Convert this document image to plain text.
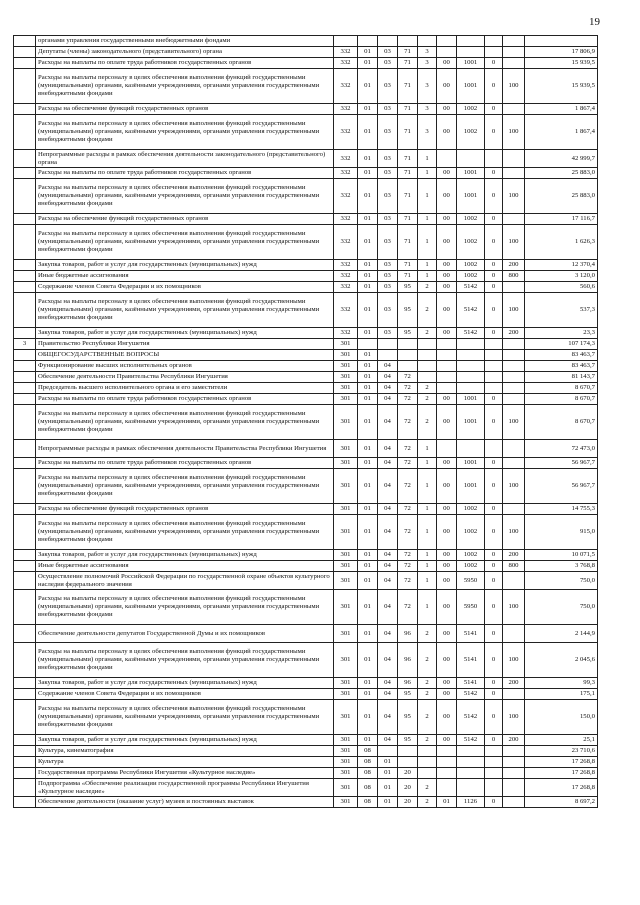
19
	органами управления государственными внебюджетными фондами										
	Депутаты (члены) законодательного (представительного) органа	332	01	03	71	3					17 806,9
	Расходы на выплаты по оплате труда работников государственных органов	332	01	03	71	3	00	1001	0		15 939,5
	Расходы на выплаты персоналу в целях обеспечения выполнения функций государственными (муниципальными) органами, казёнными учреждениями, органами управления государственными внебюджетными фондами	332	01	03	71	3	00	1001	0	100	15 939,5
	Расходы на обеспечение функций государственных органов	332	01	03	71	3	00	1002	0		1 867,4
	Расходы на выплаты персоналу в целях обеспечения выполнения функций государственными (муниципальными) органами, казёнными учреждениями, органами управления государственными внебюджетными фондами	332	01	03	71	3	00	1002	0	100	1 867,4
	Непрограммные расходы в рамках обеспечения деятельности законодательного (представительного) органа	332	01	03	71	1					42 999,7
	Расходы на выплаты по оплате труда работников государственных органов	332	01	03	71	1	00	1001	0		25 883,0
	Расходы на выплаты персоналу в целях обеспечения выполнения функций государственными (муниципальными) органами, казёнными учреждениями, органами управления государственными внебюджетными фондами	332	01	03	71	1	00	1001	0	100	25 883,0
	Расходы на обеспечение функций государственных органов	332	01	03	71	1	00	1002	0		17 116,7
	Расходы на выплаты персоналу в целях обеспечения выполнения функций государственными (муниципальными) органами, казёнными учреждениями, органами управления государственными внебюджетными фондами	332	01	03	71	1	00	1002	0	100	1 626,3
	Закупка товаров, работ и услуг для государственных (муниципальных) нужд	332	01	03	71	1	00	1002	0	200	12 370,4
	Иные бюджетные ассигнования	332	01	03	71	1	00	1002	0	800	3 120,0
	Содержание членов Совета Федерации и их помощников	332	01	03	95	2	00	5142	0		560,6
	Расходы на выплаты персоналу в целях обеспечения выполнения функций государственными (муниципальными) органами, казёнными учреждениями, органами управления государственными внебюджетными фондами	332	01	03	95	2	00	5142	0	100	537,3
	Закупка товаров, работ и услуг для государственных (муниципальных) нужд	332	01	03	95	2	00	5142	0	200	23,3
3	Правительство Республики Ингушетия	301									107 174,3
	ОБЩЕГОСУДАРСТВЕННЫЕ ВОПРОСЫ	301	01								83 463,7
	Функционирование высших исполнительных органов	301	01	04							83 463,7
	Обеспечение деятельности Правительства Республики Ингушетия	301	01	04	72						81 143,7
	Председатель высшего исполнительного органа и его заместители	301	01	04	72	2					8 670,7
	Расходы на выплаты по оплате труда работников государственных органов	301	01	04	72	2	00	1001	0		8 670,7
	Расходы на выплаты персоналу в целях обеспечения выполнения функций государственными (муниципальными) органами, казёнными учреждениями, органами управления государственными внебюджетными фондами	301	01	04	72	2	00	1001	0	100	8 670,7
	Непрограммные расходы в рамках обеспечения деятельности Правительства Республики Ингушетия	301	01	04	72	1					72 473,0
	Расходы на выплаты по оплате труда работников государственных органов	301	01	04	72	1	00	1001	0		56 967,7
	Расходы на выплаты персоналу в целях обеспечения выполнения функций государственными (муниципальными) органами, казёнными учреждениями, органами управления государственными внебюджетными фондами	301	01	04	72	1	00	1001	0	100	56 967,7
	Расходы на обеспечение функций государственных органов	301	01	04	72	1	00	1002	0		14 755,3
	Расходы на выплаты персоналу в целях обеспечения выполнения функций государственными (муниципальными) органами, казёнными учреждениями, органами управления государственными внебюджетными фондами	301	01	04	72	1	00	1002	0	100	915,0
	Закупка товаров, работ и услуг для государственных (муниципальных) нужд	301	01	04	72	1	00	1002	0	200	10 071,5
	Иные бюджетные ассигнования	301	01	04	72	1	00	1002	0	800	3 768,8
	Осуществление полномочий Российской Федерации по государственной охране объектов культурного наследия федерального значения	301	01	04	72	1	00	5950	0		750,0
	Расходы на выплаты персоналу в целях обеспечения выполнения функций государственными (муниципальными) органами, казёнными учреждениями, органами управления государственными внебюджетными фондами	301	01	04	72	1	00	5950	0	100	750,0
	Обеспечение деятельности депутатов Государственной Думы и их помощников	301	01	04	96	2	00	5141	0		2 144,9
	Расходы на выплаты персоналу в целях обеспечения выполнения функций государственными (муниципальными) органами, казёнными учреждениями, органами управления государственными внебюджетными фондами	301	01	04	96	2	00	5141	0	100	2 045,6
	Закупка товаров, работ и услуг для государственных (муниципальных) нужд	301	01	04	96	2	00	5141	0	200	99,3
	Содержание членов Совета Федерации и их помощников	301	01	04	95	2	00	5142	0		175,1
	Расходы на выплаты персоналу в целях обеспечения выполнения функций государственными (муниципальными) органами, казёнными учреждениями, органами управления государственными внебюджетными фондами	301	01	04	95	2	00	5142	0	100	150,0
	Закупка товаров, работ и услуг для государственных (муниципальных) нужд	301	01	04	95	2	00	5142	0	200	25,1
	Культура, кинематография	301	08								23 710,6
	Культура	301	08	01							17 268,8
	Государственная программа Республики Ингушетия «Культурное наследие»	301	08	01	20						17 268,8
	Подпрограмма «Обеспечение реализации государственной программы Республики Ингушетия «Культурное наследие»	301	08	01	20	2					17 268,8
	Обеспечение деятельности (оказание услуг) музеев и постоянных выставок	301	08	01	20	2	01	1126	0		8 697,2
